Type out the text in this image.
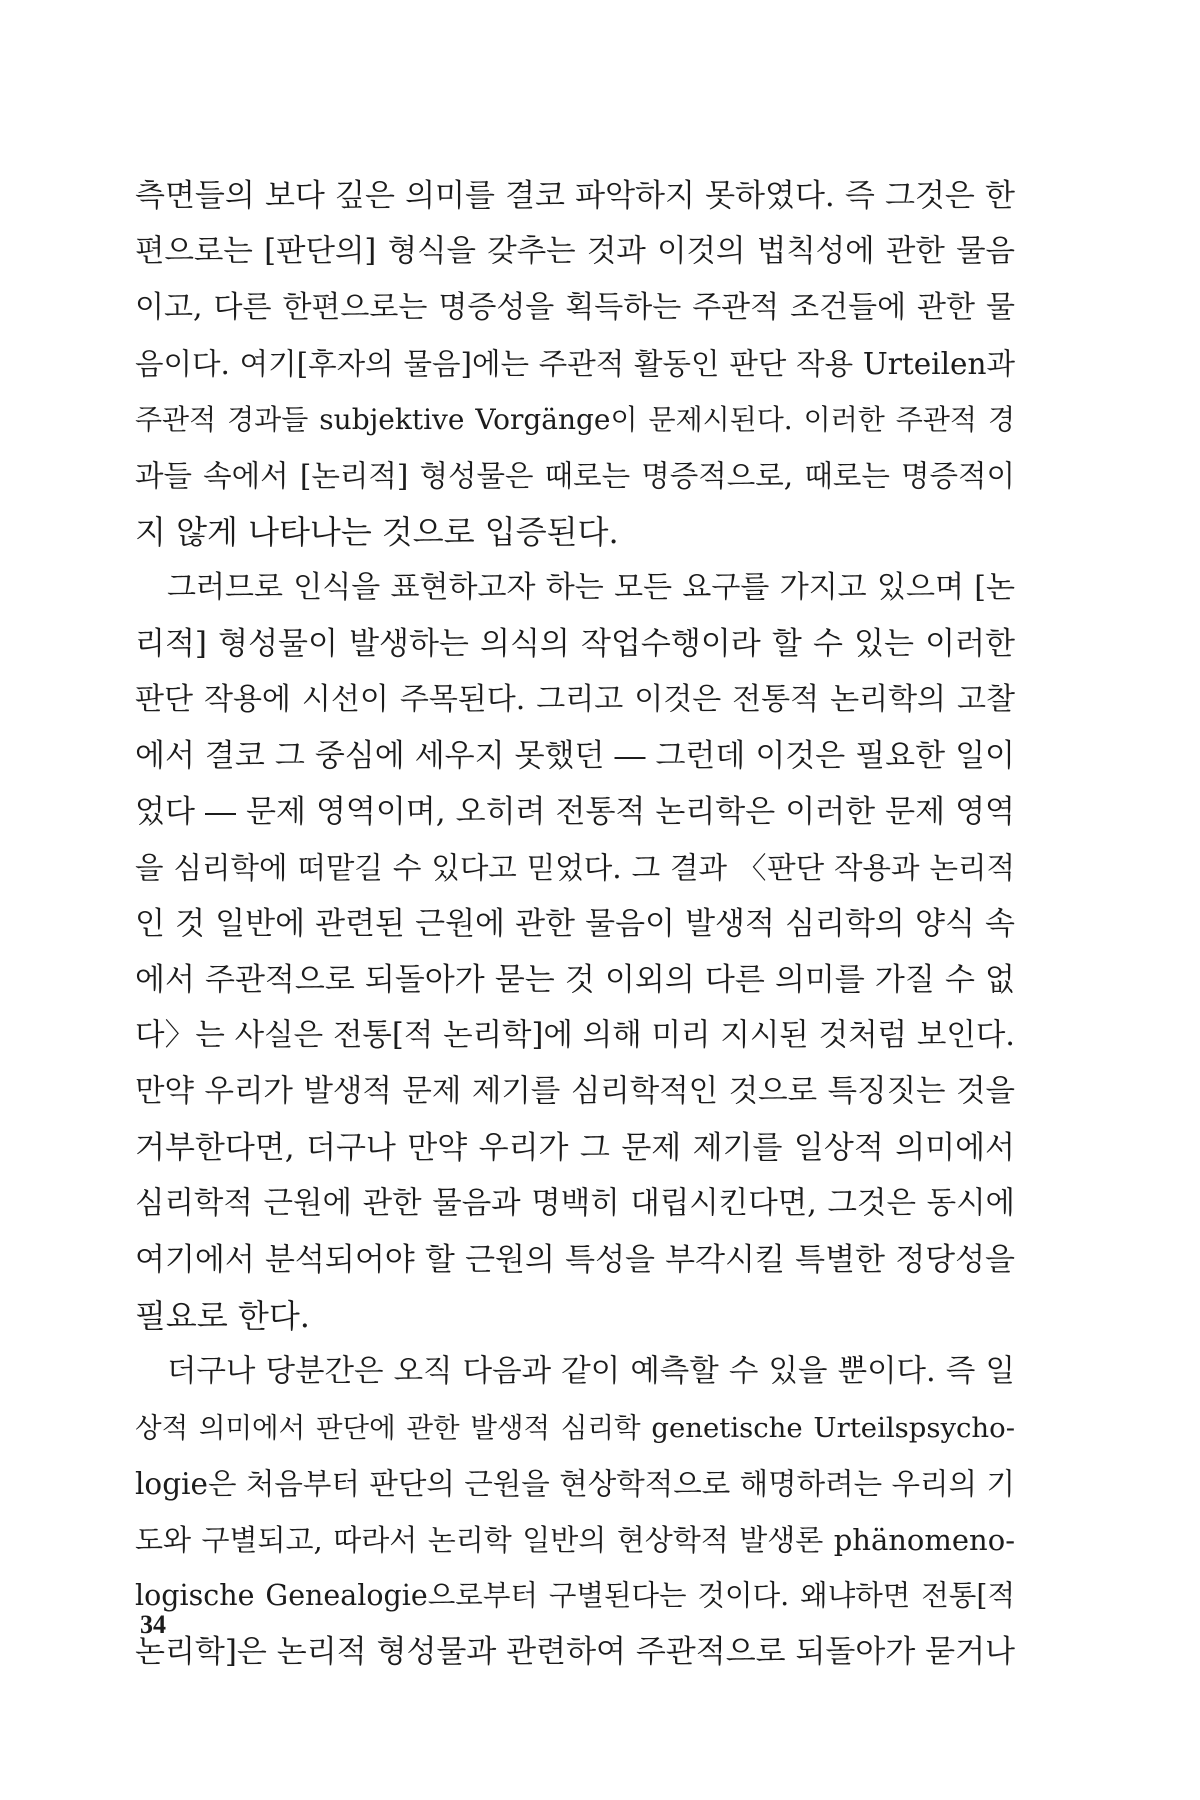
측면들의 보다 깊은 의미를 결코 파악하지 못하였다. 즉 그것은 한
편으로는 [판단의] 형식을 갖추는 것과 이것의 법칙성에 관한 물음
이고, 다른 한편으로는 명증성을 획득하는 주관적 조건들에 관한 물
음이다. 여기[후자의 물음]에는 주관적 활동인 판단 작용 Urteilen과
주관적 경과들 subjektive Vorgänge이 문제시된다. 이러한 주관적 경
과들 속에서 [논리적] 형성물은 때로는 명증적으로, 때로는 명증적이
지 않게 나타나는 것으로 입증된다.
그러므로 인식을 표현하고자 하는 모든 요구를 가지고 있으며 [논
리적] 형성물이 발생하는 의식의 작업수행이라 할 수 있는 이러한
판단 작용에 시선이 주목된다. 그리고 이것은 전통적 논리학의 고찰
에서 결코 그 중심에 세우지 못했던 ― 그런데 이것은 필요한 일이
었다 ― 문제 영역이며, 오히려 전통적 논리학은 이러한 문제 영역
을 심리학에 떠맡길 수 있다고 믿었다. 그 결과 〈판단 작용과 논리적
인 것 일반에 관련된 근원에 관한 물음이 발생적 심리학의 양식 속
에서 주관적으로 되돌아가 묻는 것 이외의 다른 의미를 가질 수 없
다〉는 사실은 전통[적 논리학]에 의해 미리 지시된 것처럼 보인다.
만약 우리가 발생적 문제 제기를 심리학적인 것으로 특징짓는 것을
거부한다면, 더구나 만약 우리가 그 문제 제기를 일상적 의미에서
심리학적 근원에 관한 물음과 명백히 대립시킨다면, 그것은 동시에
여기에서 분석되어야 할 근원의 특성을 부각시킬 특별한 정당성을
필요로 한다.
더구나 당분간은 오직 다음과 같이 예측할 수 있을 뿐이다. 즉 일
상적 의미에서 판단에 관한 발생적 심리학 genetische Urteilspsycho-
logie은 처음부터 판단의 근원을 현상학적으로 해명하려는 우리의 기
도와 구별되고, 따라서 논리학 일반의 현상학적 발생론 phänomeno-
logische Genealogie으로부터 구별된다는 것이다. 왜냐하면 전통[적
논리학]은 논리적 형성물과 관련하여 주관적으로 되돌아가 묻거나
34
